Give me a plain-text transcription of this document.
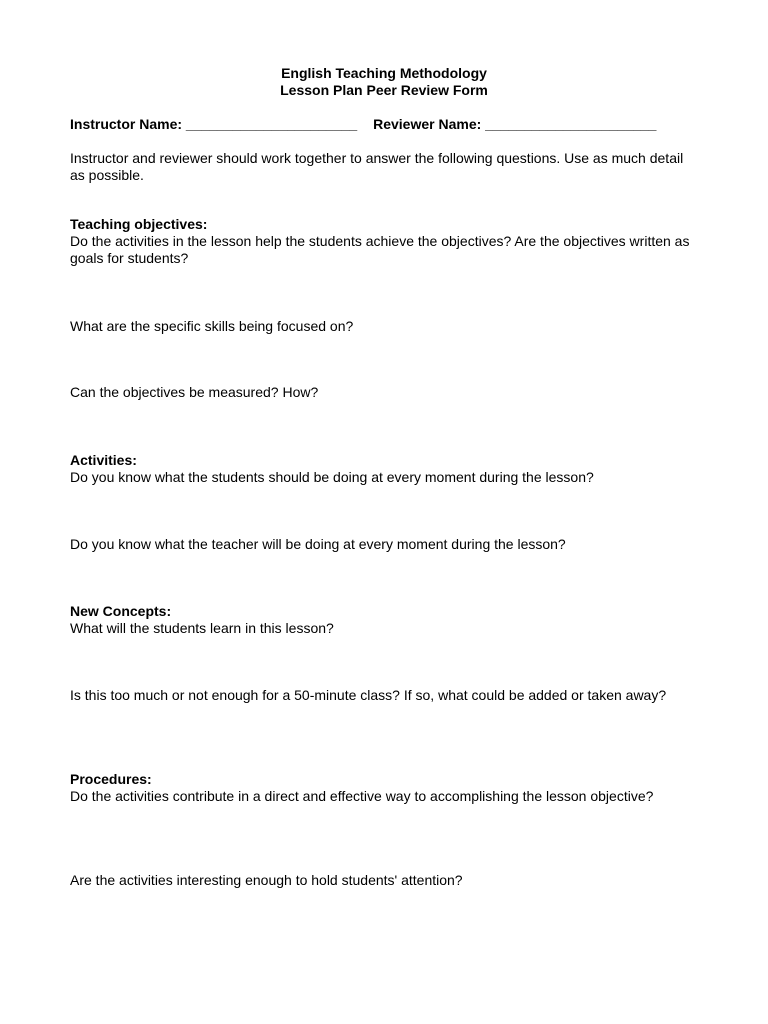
English Teaching Methodology
Lesson Plan Peer Review Form
Instructor Name: ______________________ Reviewer Name: ______________________
Instructor and reviewer should work together to answer the following questions. Use as much detail as possible.
Teaching objectives:
Do the activities in the lesson help the students achieve the objectives? Are the objectives written as goals for students?
What are the specific skills being focused on?
Can the objectives be measured? How?
Activities:
Do you know what the students should be doing at every moment during the lesson?
Do you know what the teacher will be doing at every moment during the lesson?
New Concepts:
What will the students learn in this lesson?
Is this too much or not enough for a 50-minute class? If so, what could be added or taken away?
Procedures:
Do the activities contribute in a direct and effective way to accomplishing the lesson objective?
Are the activities interesting enough to hold students' attention?
